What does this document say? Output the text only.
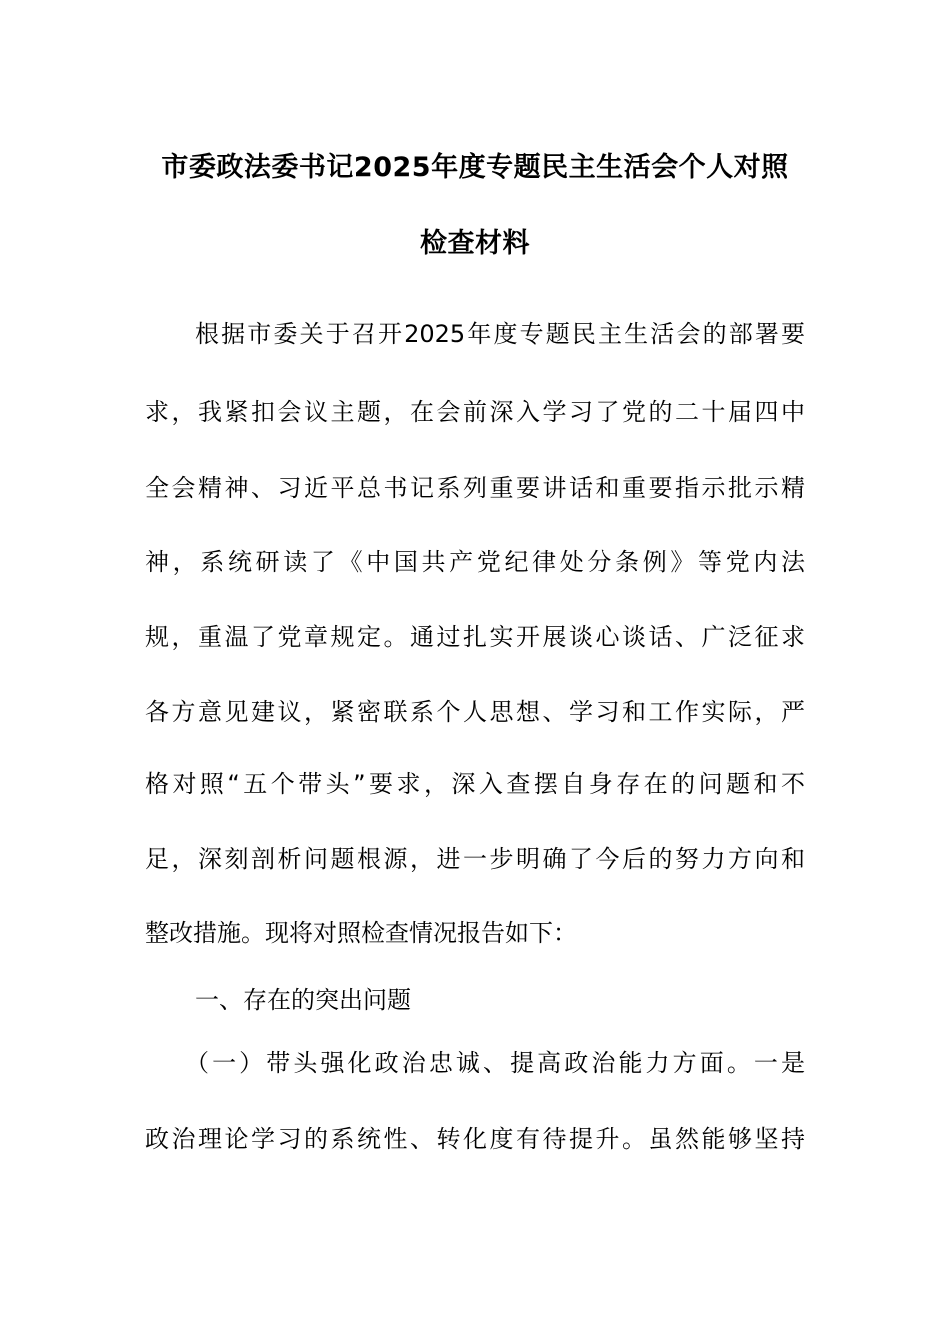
市委政法委书记2025年度专题民主生活会个人对照
检查材料
根据市委关于召开2025年度专题民主生活会的部署要
求，我紧扣会议主题，在会前深入学习了党的二十届四中
全会精神、习近平总书记系列重要讲话和重要指示批示精
神，系统研读了《中国共产党纪律处分条例》等党内法
规，重温了党章规定。通过扎实开展谈心谈话、广泛征求
各方意见建议，紧密联系个人思想、学习和工作实际，严
格对照“五个带头”要求，深入查摆自身存在的问题和不
足，深刻剖析问题根源，进一步明确了今后的努力方向和
整改措施。现将对照检查情况报告如下：
一、存在的突出问题
（一）带头强化政治忠诚、提高政治能力方面。一是
政治理论学习的系统性、转化度有待提升。虽然能够坚持
